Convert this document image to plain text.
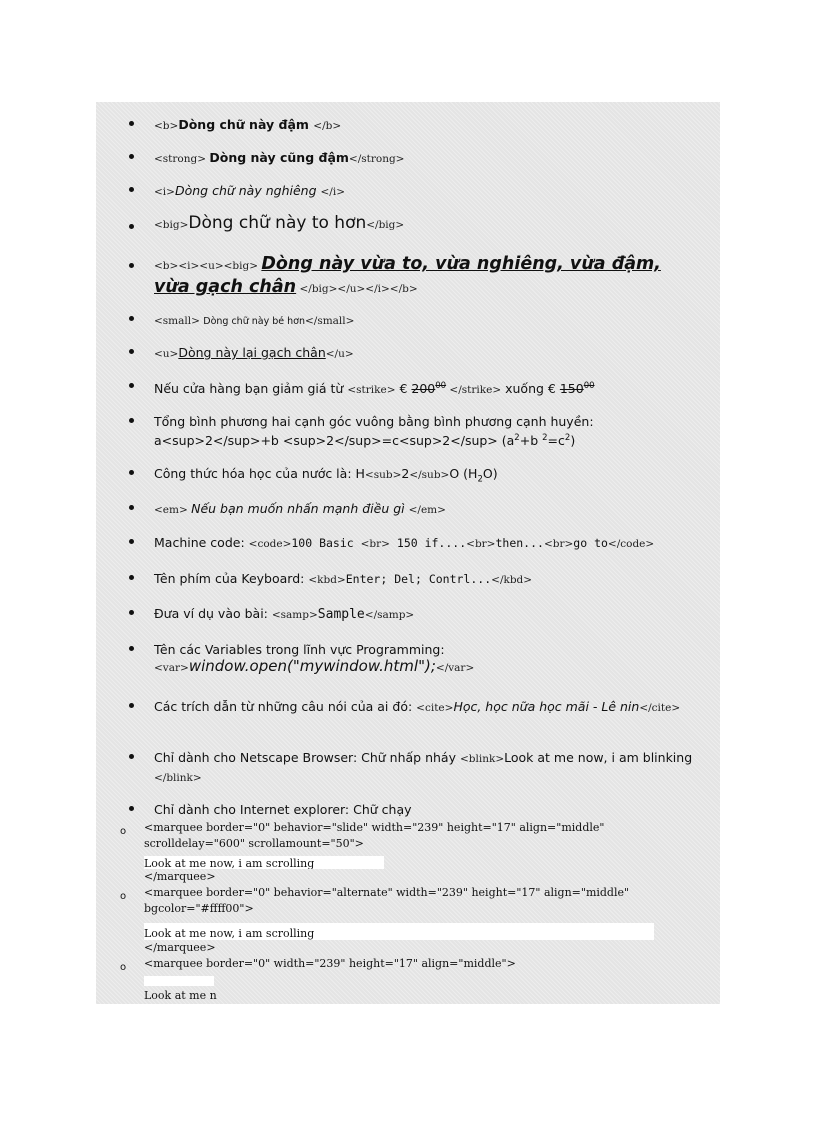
<b>Dòng chữ này đậm </b>
<strong> Dòng này cũng đậm</strong>
<i>Dòng chữ này nghiêng </i>
<big>Dòng chữ này to hơn</big>
<b><i><u><big> Dòng này vừa to, vừa nghiêng, vừa đậm, vừa gạch chân </big></u></i></b>
<small> Dòng chữ này bé hơn</small>
<u>Dòng này lại gạch chân</u>
Nếu cửa hàng bạn giảm giá từ <strike> € $200^{00}$ </strike> xuống € $150^{00}$
Tổng bình phương hai cạnh góc vuông bằng bình phương cạnh huyền:
$a<sup>2</sup>+b <sup>2</sup>=c<sup>2</sup> (a^2+b$ $^2=c^2$)
Công thức hóa học của nước là: H<sub>2</sub>O $(H_2O)$
<em> Nếu bạn muốn nhấn mạnh điều gì </em>
Machine code: <code>100 Basic <br> 150 if....<br>then...<br>go to</code>
Tên phím của Keyboard: <kbd>Enter; Del; Contrl...</kbd>
Đưa ví dụ vào bài: <samp>Sample</samp>
Tên các Variables trong lĩnh vực Programming:
<var>window.open("mywindow.html");</var>
Các trích dẫn từ những câu nói của ai đó: <cite>Học, học nữa học mãi - Lê nin</cite>
Chỉ dành cho Netscape Browser: Chữ nhấp nháy <blink>Look at me now, i am blinking </blink>
Chỉ dành cho Internet explorer: Chữ chạy
o <marquee border="0" behavior="slide" width="239" height="17" align="middle" scrolldelay="600" scrollamount="50">
Look at me now, i am scrolling
</marquee>
o <marquee border="0" behavior="alternate" width="239" height="17" align="middle" bgcolor="#ffff00">
Look at me now, i am scrolling
</marquee>
o <marquee border="0" width="239" height="17" align="middle">
Look at me n
